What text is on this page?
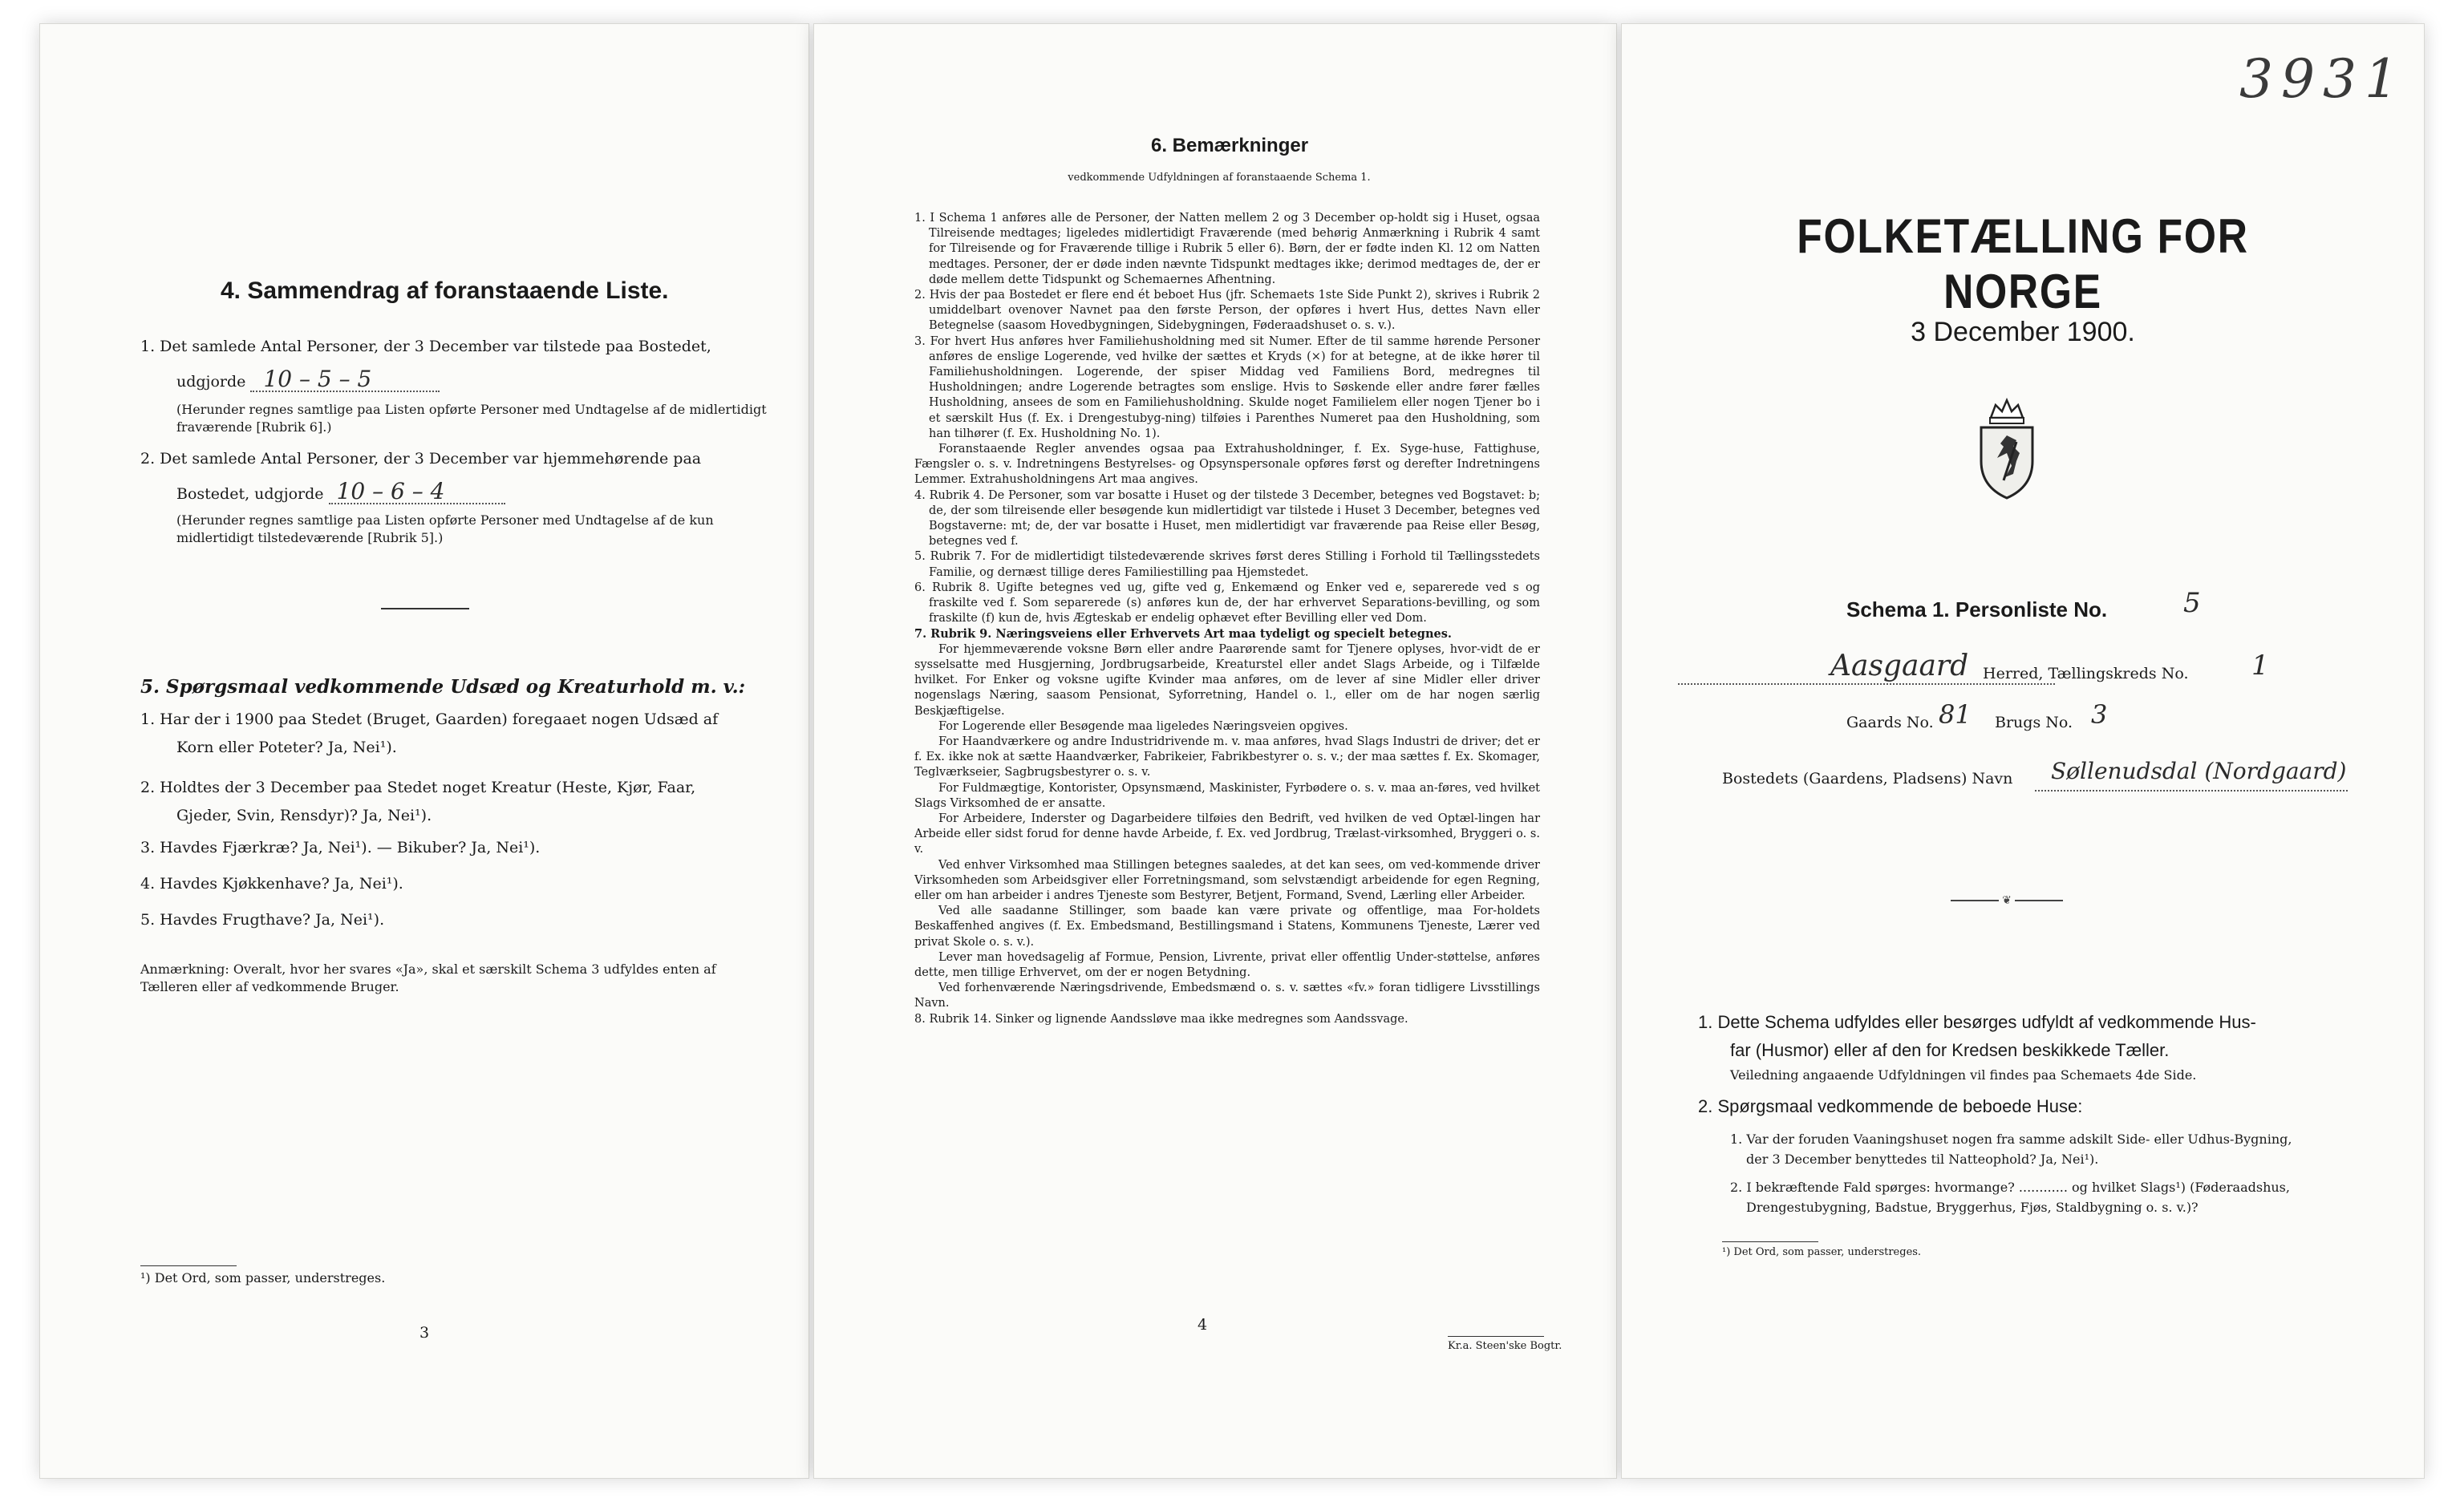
4. Sammendrag af foranstaaende Liste.
1. Det samlede Antal Personer, der 3 December var tilstede paa Bostedet,
udgjorde 10 – 5 – 5
(Herunder regnes samtlige paa Listen opførte Personer med Undtagelse af de midlertidigt fraværende [Rubrik 6].)
2. Det samlede Antal Personer, der 3 December var hjemmehørende paa
Bostedet, udgjorde 10 – 6 – 4
(Herunder regnes samtlige paa Listen opførte Personer med Undtagelse af de kun midlertidigt tilstedeværende [Rubrik 5].)
5. Spørgsmaal vedkommende Udsæd og Kreaturhold m. v.:
1. Har der i 1900 paa Stedet (Bruget, Gaarden) foregaaet nogen Udsæd af
Korn eller Poteter? Ja, Nei¹).
2. Holdtes der 3 December paa Stedet noget Kreatur (Heste, Kjør, Faar,
Gjeder, Svin, Rensdyr)? Ja, Nei¹).
3. Havdes Fjærkræ? Ja, Nei¹). — Bikuber? Ja, Nei¹).
4. Havdes Kjøkkenhave? Ja, Nei¹).
5. Havdes Frugthave? Ja, Nei¹).
Anmærkning: Overalt, hvor her svares «Ja», skal et særskilt Schema 3 udfyldes enten af Tælleren eller af vedkommende Bruger.
¹) Det Ord, som passer, understreges.
3
6. Bemærkninger
vedkommende Udfyldningen af foranstaaende Schema 1.

1. I Schema 1 anføres alle de Personer, der Natten mellem 2 og 3 December op-holdt sig i Huset, ogsaa Tilreisende medtages; ligeledes midlertidigt Fraværende (med behørig Anmærkning i Rubrik 4 samt for Tilreisende og for Fraværende tillige i Rubrik 5 eller 6). Børn, der er fødte inden Kl. 12 om Natten medtages. Personer, der er døde inden nævnte Tidspunkt medtages ikke; derimod medtages de, der er døde mellem dette Tidspunkt og Schemaernes Afhentning.

2. Hvis der paa Bostedet er flere end ét beboet Hus (jfr. Schemaets 1ste Side Punkt 2), skrives i Rubrik 2 umiddelbart ovenover Navnet paa den første Person, der opføres i hvert Hus, dettes Navn eller Betegnelse (saasom Hovedbygningen, Sidebygningen, Føderaadshuset o. s. v.).

3. For hvert Hus anføres hver Familiehusholdning med sit Numer. Efter de til samme hørende Personer anføres de enslige Logerende, ved hvilke der sættes et Kryds (×) for at betegne, at de ikke hører til Familiehusholdningen. Logerende, der spiser Middag ved Familiens Bord, medregnes til Husholdningen; andre Logerende betragtes som enslige. Hvis to Søskende eller andre fører fælles Husholdning, ansees de som en Familiehusholdning. Skulde noget Familielem eller nogen Tjener bo i et særskilt Hus (f. Ex. i Drengestubyg-ning) tilføies i Parenthes Numeret paa den Husholdning, som han tilhører (f. Ex. Husholdning No. 1).

Foranstaaende Regler anvendes ogsaa paa Extrahusholdninger, f. Ex. Syge-huse, Fattighuse, Fængsler o. s. v. Indretningens Bestyrelses- og Opsynspersonale opføres først og derefter Indretningens Lemmer. Extrahusholdningens Art maa angives.

4. Rubrik 4. De Personer, som var bosatte i Huset og der tilstede 3 December, betegnes ved Bogstavet: b; de, der som tilreisende eller besøgende kun midlertidigt var tilstede i Huset 3 December, betegnes ved Bogstaverne: mt; de, der var bosatte i Huset, men midlertidigt var fraværende paa Reise eller Besøg, betegnes ved f.

5. Rubrik 7. For de midlertidigt tilstedeværende skrives først deres Stilling i Forhold til Tællingsstedets Familie, og dernæst tillige deres Familiestilling paa Hjemstedet.

6. Rubrik 8. Ugifte betegnes ved ug, gifte ved g, Enkemænd og Enker ved e, separerede ved s og fraskilte ved f. Som separerede (s) anføres kun de, der har erhvervet Separations-bevilling, og som fraskilte (f) kun de, hvis Ægteskab er endelig ophævet efter Bevilling eller ved Dom.

7. Rubrik 9. Næringsveiens eller Erhvervets Art maa tydeligt og specielt betegnes.

For hjemmeværende voksne Børn eller andre Paarørende samt for Tjenere oplyses, hvor-vidt de er sysselsatte med Husgjerning, Jordbrugsarbeide, Kreaturstel eller andet Slags Arbeide, og i Tilfælde hvilket. For Enker og voksne ugifte Kvinder maa anføres, om de lever af sine Midler eller driver nogenslags Næring, saasom Pensionat, Syforretning, Handel o. l., eller om de har nogen særlig Beskjæftigelse.

For Logerende eller Besøgende maa ligeledes Næringsveien opgives.

For Haandværkere og andre Industridrivende m. v. maa anføres, hvad Slags Industri de driver; det er f. Ex. ikke nok at sætte Haandværker, Fabrikeier, Fabrikbestyrer o. s. v.; der maa sættes f. Ex. Skomager, Teglværkseier, Sagbrugsbestyrer o. s. v.

For Fuldmægtige, Kontorister, Opsynsmænd, Maskinister, Fyrbødere o. s. v. maa an-føres, ved hvilket Slags Virksomhed de er ansatte.

For Arbeidere, Inderster og Dagarbeidere tilføies den Bedrift, ved hvilken de ved Optæl-lingen har Arbeide eller sidst forud for denne havde Arbeide, f. Ex. ved Jordbrug, Trælast-virksomhed, Bryggeri o. s. v.

Ved enhver Virksomhed maa Stillingen betegnes saaledes, at det kan sees, om ved-kommende driver Virksomheden som Arbeidsgiver eller Forretningsmand, som selvstændigt arbeidende for egen Regning, eller om han arbeider i andres Tjeneste som Bestyrer, Betjent, Formand, Svend, Lærling eller Arbeider.

Ved alle saadanne Stillinger, som baade kan være private og offentlige, maa For-holdets Beskaffenhed angives (f. Ex. Embedsmand, Bestillingsmand i Statens, Kommunens Tjeneste, Lærer ved privat Skole o. s. v.).

Lever man hovedsagelig af Formue, Pension, Livrente, privat eller offentlig Under-støttelse, anføres dette, men tillige Erhvervet, om der er nogen Betydning.

Ved forhenværende Næringsdrivende, Embedsmænd o. s. v. sættes «fv.» foran tidligere Livsstillings Navn.

8. Rubrik 14. Sinker og lignende Aandssløve maa ikke medregnes som Aandssvage.

4
Kr.a. Steen'ske Bogtr.
3931
FOLKETÆLLING FOR NORGE
3 December 1900.
Schema 1. Personliste No.	5
Aasgaard Herred, Tællingskreds No. 1
Gaards No. 81 Brugs No. 3
Bostedets (Gaardens, Pladsens) Navn Søllenudsdal (Nordgaard)
❦
1. Dette Schema udfyldes eller besørges udfyldt af vedkommende Hus-
far (Husmor) eller af den for Kredsen beskikkede Tæller.
Veiledning angaaende Udfyldningen vil findes paa Schemaets 4de Side.
2. Spørgsmaal vedkommende de beboede Huse:
1. Var der foruden Vaaningshuset nogen fra samme adskilt Side- eller Udhus-Bygning,
der 3 December benyttedes til Natteophold? Ja, Nei¹).
2. I bekræftende Fald spørges: hvormange? ............ og hvilket Slags¹) (Føderaadshus,
Drengestubygning, Badstue, Bryggerhus, Fjøs, Staldbygning o. s. v.)?
¹) Det Ord, som passer, understreges.
